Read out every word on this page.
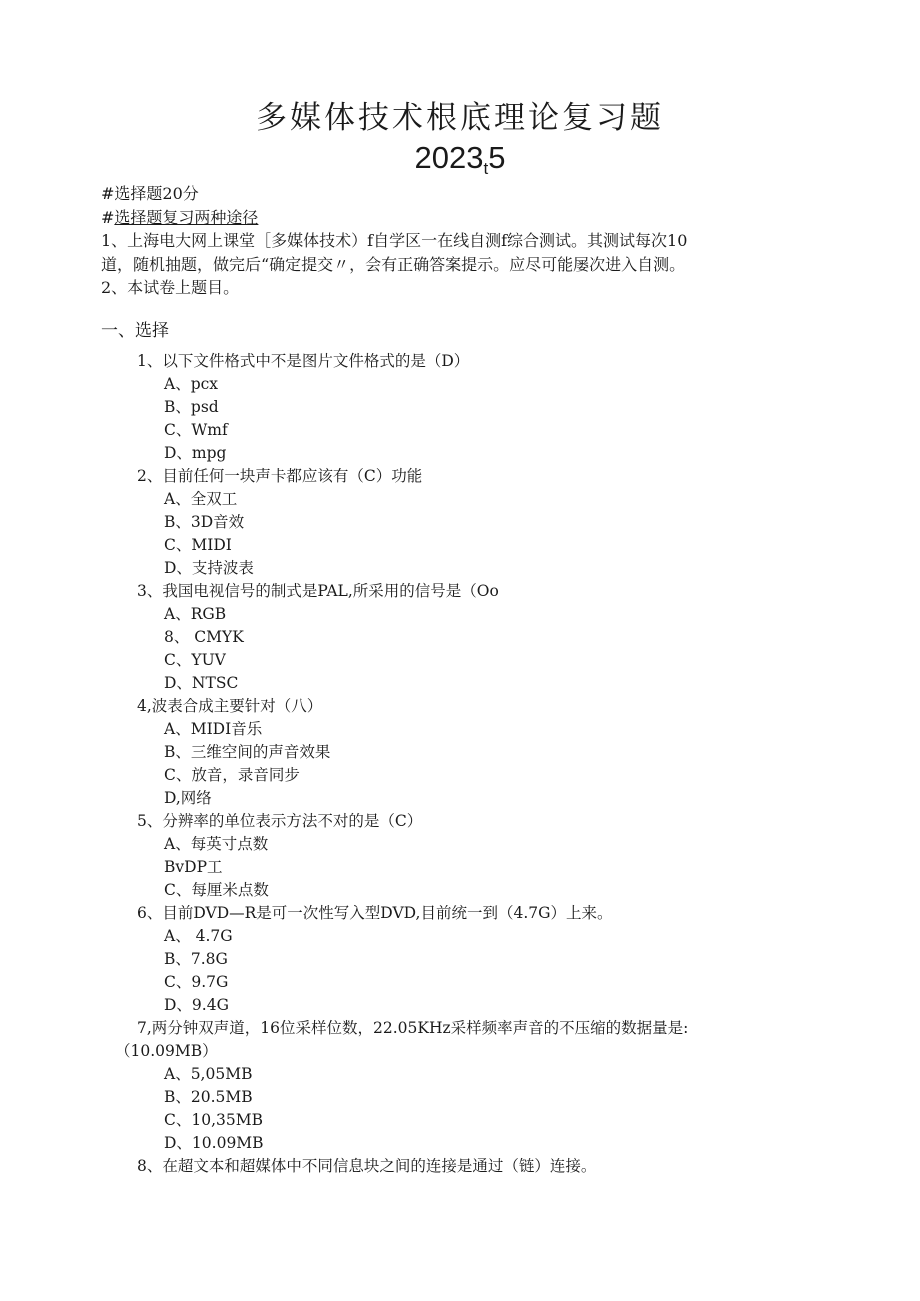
多媒体技术根底理论复习题
$2023_t5$
#选择题20分
#选择题复习两种途径
1、上海电大网上课堂［多媒体技术）f自学区一在线自测f综合测试。其测试每次10
道，随机抽题，做完后“确定提交〃，会有正确答案提示。应尽可能屡次进入自测。
2、本试卷上题目。
一、选择
1、以下文件格式中不是图片文件格式的是（D）
A、pcx
B、psd
C、Wmf
D、mpg
2、目前任何一块声卡都应该有（C）功能
A、全双工
B、3D音效
C、MIDI
D、支持波表
3、我国电视信号的制式是PAL,所采用的信号是（Oo
A、RGB
8、 CMYK
C、YUV
D、NTSC
4,波表合成主要针对（八）
A、MIDI音乐
B、三维空间的声音效果
C、放音，录音同步
D,网络
5、分辨率的单位表示方法不对的是（C）
A、每英寸点数
BvDP工
C、每厘米点数
6、目前DVD—R是可一次性写入型DVD,目前统一到（4.7G）上来。
A、 4.7G
B、7.8G
C、9.7G
D、9.4G
7,两分钟双声道，16位采样位数，22.05KHz采样频率声音的不压缩的数据量是:
（10.09MB）
A、5,05MB
B、20.5MB
C、10,35MB
D、10.09MB
8、在超文本和超媒体中不同信息块之间的连接是通过（链）连接。
